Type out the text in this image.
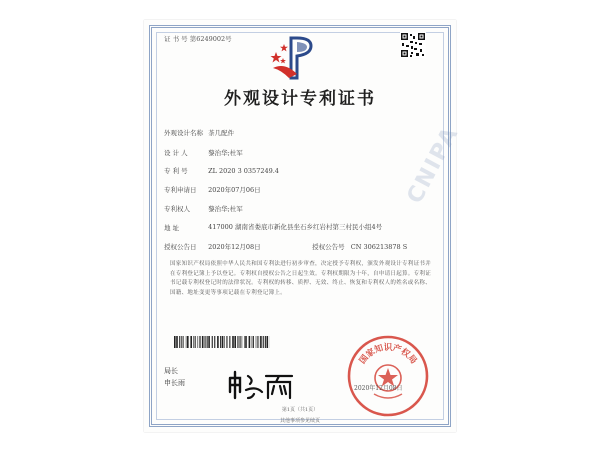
CNIPA
证 书 号 第6249002号
外观设计专利证书
外观设计名称 茶几配件
设 计 人	黎治华;杜军
专 利 号	ZL 2020 3 0357249.4
专利申请日 2020年07月06日
专利权人	黎治华;杜军
地 址	417000 湖南省娄底市新化县坐石乡红岩村第三村民小组4号
授权公告日 2020年12月08日	授权公告号 CN 306213878 S
国家知识产权局依照中华人民共和国专利法进行初步审查，决定授予专利权，颁发外观设计专利证书并在专利登记簿上予以登记。专利权自授权公告之日起生效。专利权期限为十年，自申请日起算。专利证书记载专利权登记时的法律状况。专利权的转移、质押、无效、终止、恢复和专利权人的姓名或名称、国籍、地址变更等事项记载在专利登记簿上。
局长
申长雨
国家知识产权局
2020年12月08日
第1页（共1页）
其他事项参见续页
